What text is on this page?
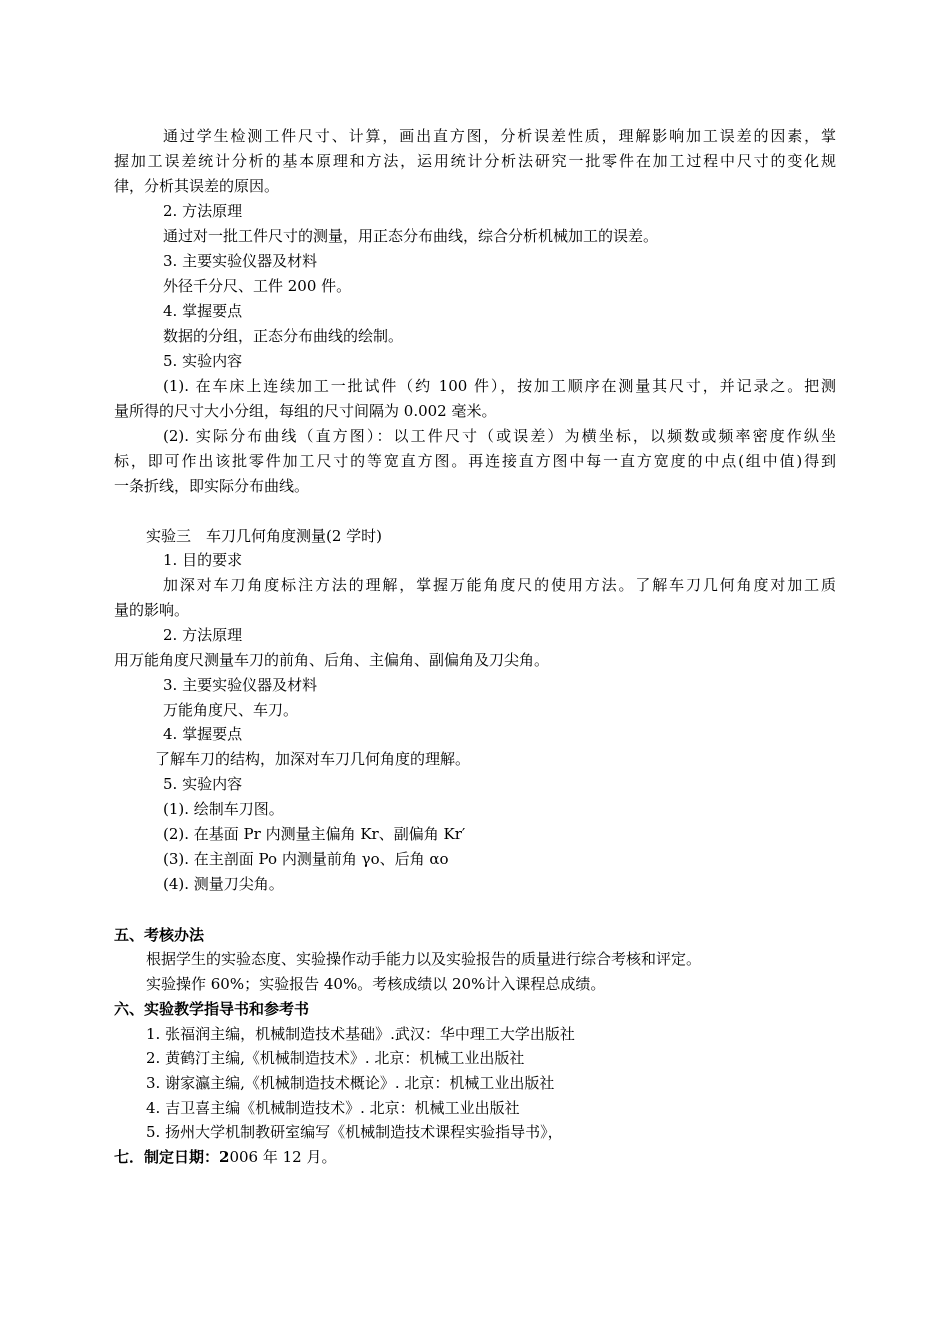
通过学生检测工件尺寸、计算，画出直方图，分析误差性质，理解影响加工误差的因素，掌
握加工误差统计分析的基本原理和方法，运用统计分析法研究一批零件在加工过程中尺寸的变化规
律，分析其误差的原因。
2. 方法原理
通过对一批工件尺寸的测量，用正态分布曲线，综合分析机械加工的误差。
3. 主要实验仪器及材料
外径千分尺、工件 200 件。
4. 掌握要点
数据的分组，正态分布曲线的绘制。
5. 实验内容
(1). 在车床上连续加工一批试件（约 100 件），按加工顺序在测量其尺寸，并记录之。把测
量所得的尺寸大小分组，每组的尺寸间隔为 0.002 毫米。
(2). 实际分布曲线（直方图）：以工件尺寸（或误差）为横坐标，以频数或频率密度作纵坐
标，即可作出该批零件加工尺寸的等宽直方图。再连接直方图中每一直方宽度的中点(组中值)得到
一条折线，即实际分布曲线。
实验三　车刀几何角度测量(2 学时)
1. 目的要求
加深对车刀角度标注方法的理解，掌握万能角度尺的使用方法。了解车刀几何角度对加工质
量的影响。
2. 方法原理
用万能角度尺测量车刀的前角、后角、主偏角、副偏角及刀尖角。
3. 主要实验仪器及材料
万能角度尺、车刀。
4. 掌握要点
了解车刀的结构，加深对车刀几何角度的理解。
5. 实验内容
(1). 绘制车刀图。
(2). 在基面 Pr 内测量主偏角 Kr、副偏角 Kr′
(3). 在主剖面 Po 内测量前角 γo、后角 αo
(4). 测量刀尖角。
五、考核办法
根据学生的实验态度、实验操作动手能力以及实验报告的质量进行综合考核和评定。
实验操作 60%；实验报告 40%。考核成绩以 20%计入课程总成绩。
六、实验教学指导书和参考书
1. 张福润主编，机械制造技术基础》.武汉：华中理工大学出版社
2. 黄鹤汀主编,《机械制造技术》. 北京：机械工业出版社
3. 谢家瀛主编,《机械制造技术概论》. 北京：机械工业出版社
4. 吉卫喜主编《机械制造技术》. 北京：机械工业出版社
5. 扬州大学机制教研室编写《机械制造技术课程实验指导书》，
七．制定日期：2006 年 12 月。
